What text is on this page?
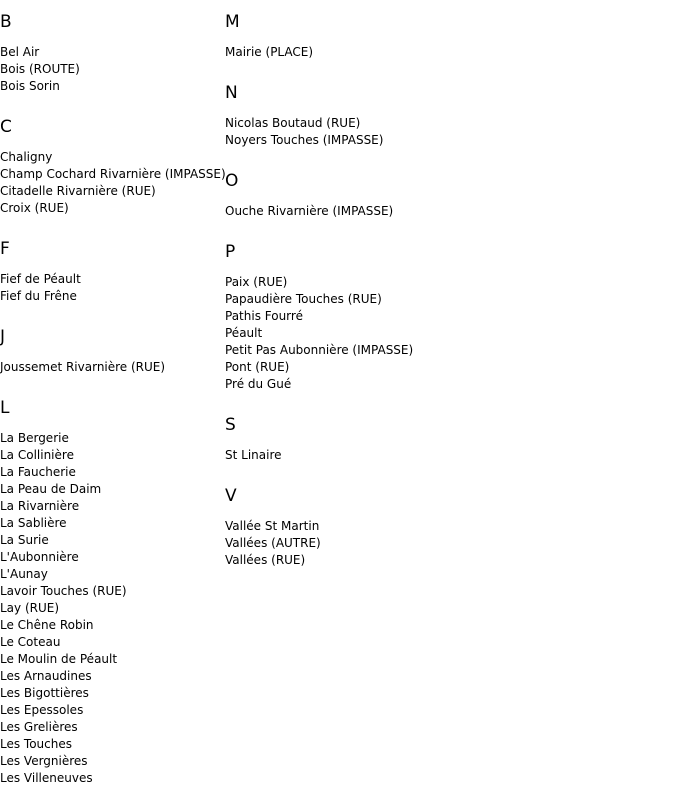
B
Bel Air
Bois (ROUTE)
Bois Sorin
C
Chaligny
Champ Cochard Rivarnière (IMPASSE)
Citadelle Rivarnière (RUE)
Croix (RUE)
F
Fief de Péault
Fief du Frêne
J
Joussemet Rivarnière (RUE)
L
La Bergerie
La Collinière
La Faucherie
La Peau de Daim
La Rivarnière
La Sablière
La Surie
L'Aubonnière
L'Aunay
Lavoir Touches (RUE)
Lay (RUE)
Le Chêne Robin
Le Coteau
Le Moulin de Péault
Les Arnaudines
Les Bigottières
Les Epessoles
Les Grelières
Les Touches
Les Vergnières
Les Villeneuves
M
Mairie (PLACE)
N
Nicolas Boutaud (RUE)
Noyers Touches (IMPASSE)
O
Ouche Rivarnière (IMPASSE)
P
Paix (RUE)
Papaudière Touches (RUE)
Pathis Fourré
Péault
Petit Pas Aubonnière (IMPASSE)
Pont (RUE)
Pré du Gué
S
St Linaire
V
Vallée St Martin
Vallées (AUTRE)
Vallées (RUE)
